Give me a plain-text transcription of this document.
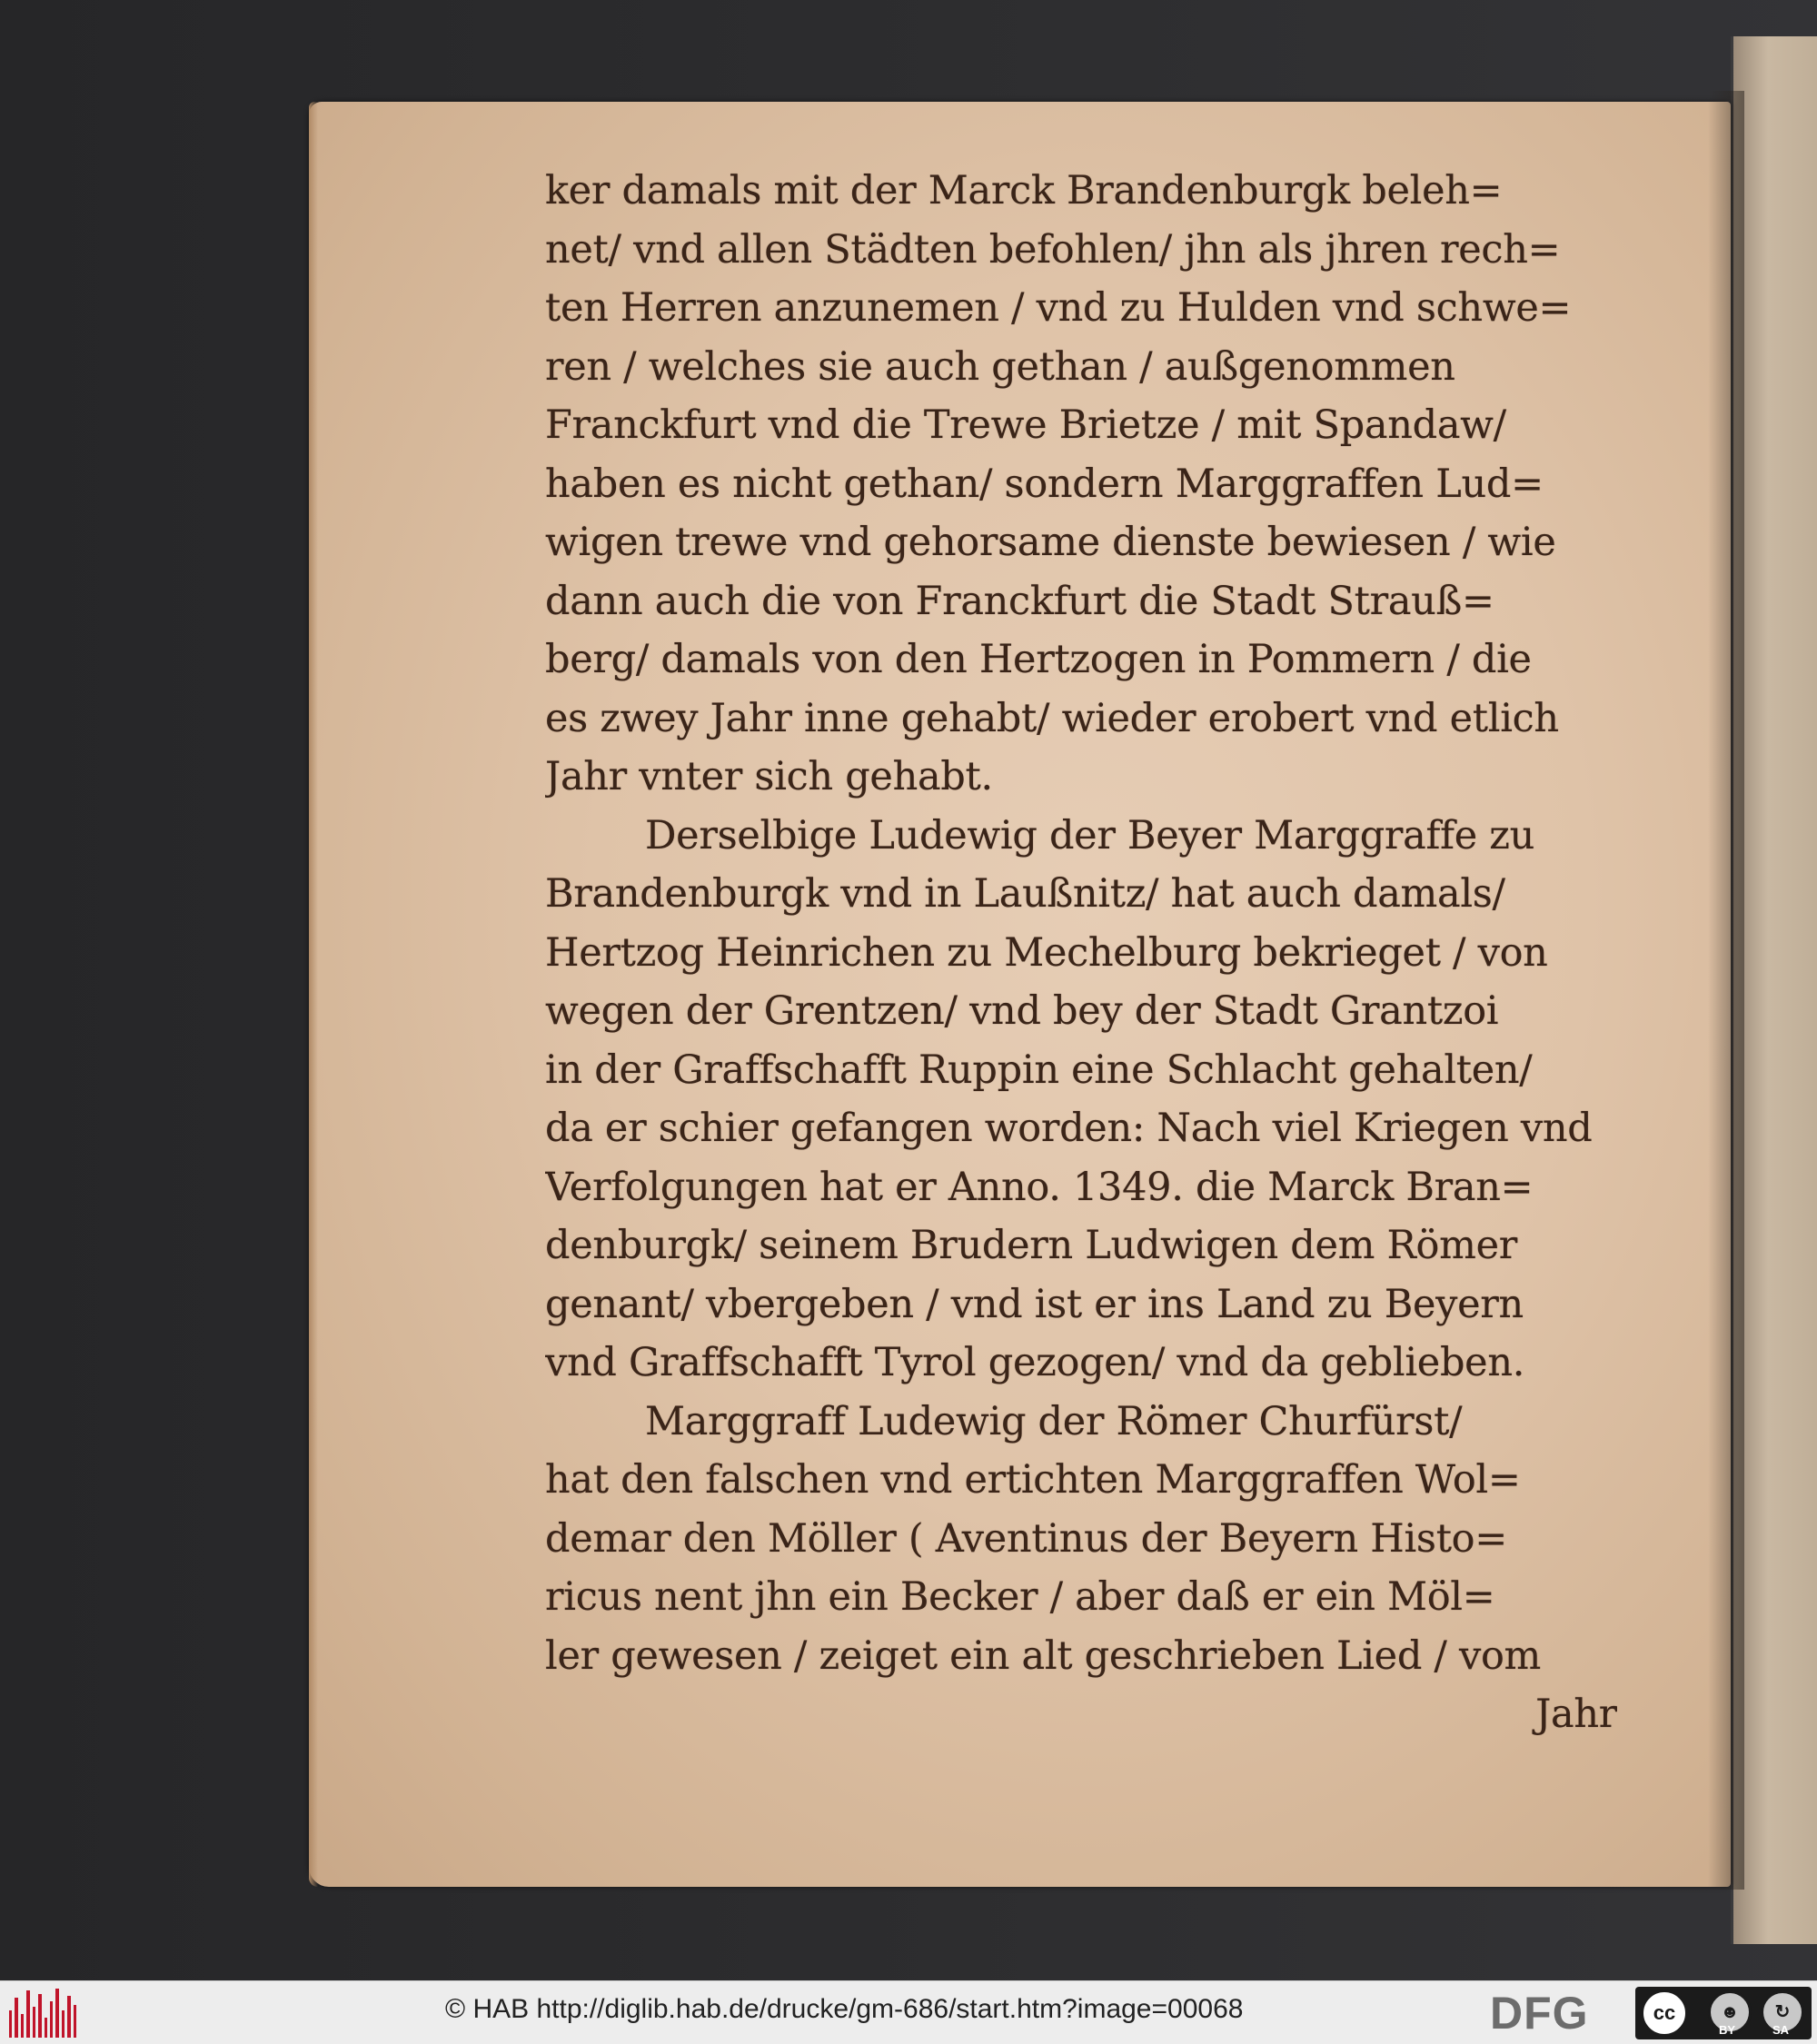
ker damals mit der Marck Brandenburgk beleh=
net/ vnd allen Städten befohlen/ jhn als jhren rech=
ten Herren anzunemen / vnd zu Hulden vnd schwe=
ren / welches sie auch gethan / außgenommen
Franckfurt vnd die Trewe Brietze / mit Spandaw/
haben es nicht gethan/ sondern Marggraffen Lud=
wigen trewe vnd gehorsame dienste bewiesen / wie
dann auch die von Franckfurt die Stadt Strauß=
berg/ damals von den Hertzogen in Pommern / die
es zwey Jahr inne gehabt/ wieder erobert vnd etlich
Jahr vnter sich gehabt.
Derselbige Ludewig der Beyer Marggraffe zu
Brandenburgk vnd in Laußnitz/ hat auch damals/
Hertzog Heinrichen zu Mechelburg bekrieget / von
wegen der Grentzen/ vnd bey der Stadt Grantzoi
in der Graffschafft Ruppin eine Schlacht gehalten/
da er schier gefangen worden: Nach viel Kriegen vnd
Verfolgungen hat er Anno. 1349. die Marck Bran=
denburgk/ seinem Brudern Ludwigen dem Römer
genant/ vbergeben / vnd ist er ins Land zu Beyern
vnd Graffschafft Tyrol gezogen/ vnd da geblieben.
Marggraff Ludewig der Römer Churfürst/
hat den falschen vnd ertichten Marggraffen Wol=
demar den Möller ( Aventinus der Beyern Histo=
ricus nent jhn ein Becker / aber daß er ein Möl=
ler gewesen / zeiget ein alt geschrieben Lied / vom
Jahr
© HAB http://diglib.hab.de/drucke/gm-686/start.htm?image=00068	DFG	cc	☻	↻
BY	SA
